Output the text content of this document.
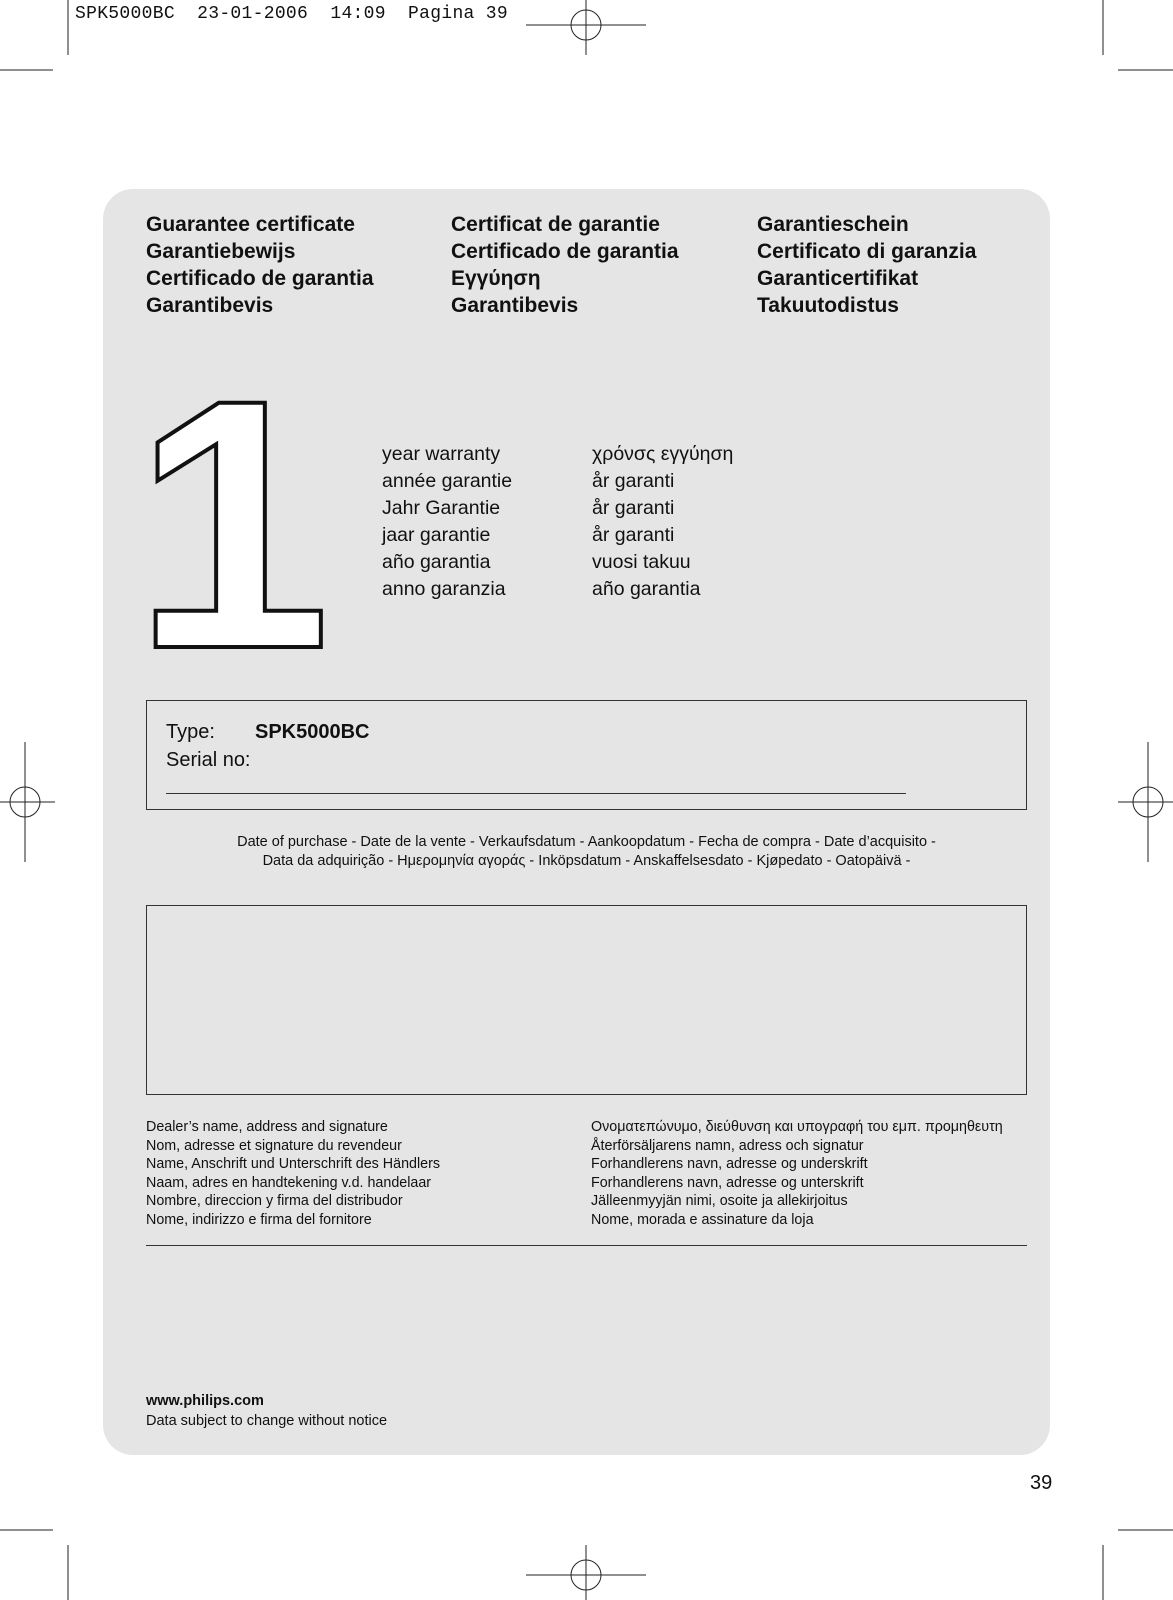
SPK5000BC  23-01-2006  14:09  Pagina 39
Guarantee certificate
Garantiebewijs
Certificado de garantia
Garantibevis
Certificat de garantie
Certificado de garantia
Εγγύηση
Garantibevis
Garantieschein
Certificato di garanzia
Garanticertifikat
Takuutodistus
1	year warranty
année garantie
Jahr Garantie
jaar garantie
año garantia
anno garanzia
χρόνσς εγγύηση
år garanti
år garanti
år garanti
vuosi takuu
año garantia
Type: SPK5000BC
Serial no:
Date of purchase - Date de la vente - Verkaufsdatum - Aankoopdatum - Fecha de compra - Date d’acquisito -
Data da adquirição - Ημερομηνία αγοράς - Inköpsdatum - Anskaffelsesdato - Kjøpedato - Oatopäivä -
Dealer’s name, address and signature
Nom, adresse et signature du revendeur
Name, Anschrift und Unterschrift des Händlers
Naam, adres en handtekening v.d. handelaar
Nombre, direccion y firma del distribudor
Nome, indirizzo e firma del fornitore
Ονοματεπώνυμο, διεύθυνση και υπογραφή του εμπ. προμηθευτη
Återförsäljarens namn, adress och signatur
Forhandlerens navn, adresse og underskrift
Forhandlerens navn, adresse og unterskrift
Jälleenmyyjän nimi, osoite ja allekirjoitus
Nome, morada e assinature da loja
www.philips.com
Data subject to change without notice
39
